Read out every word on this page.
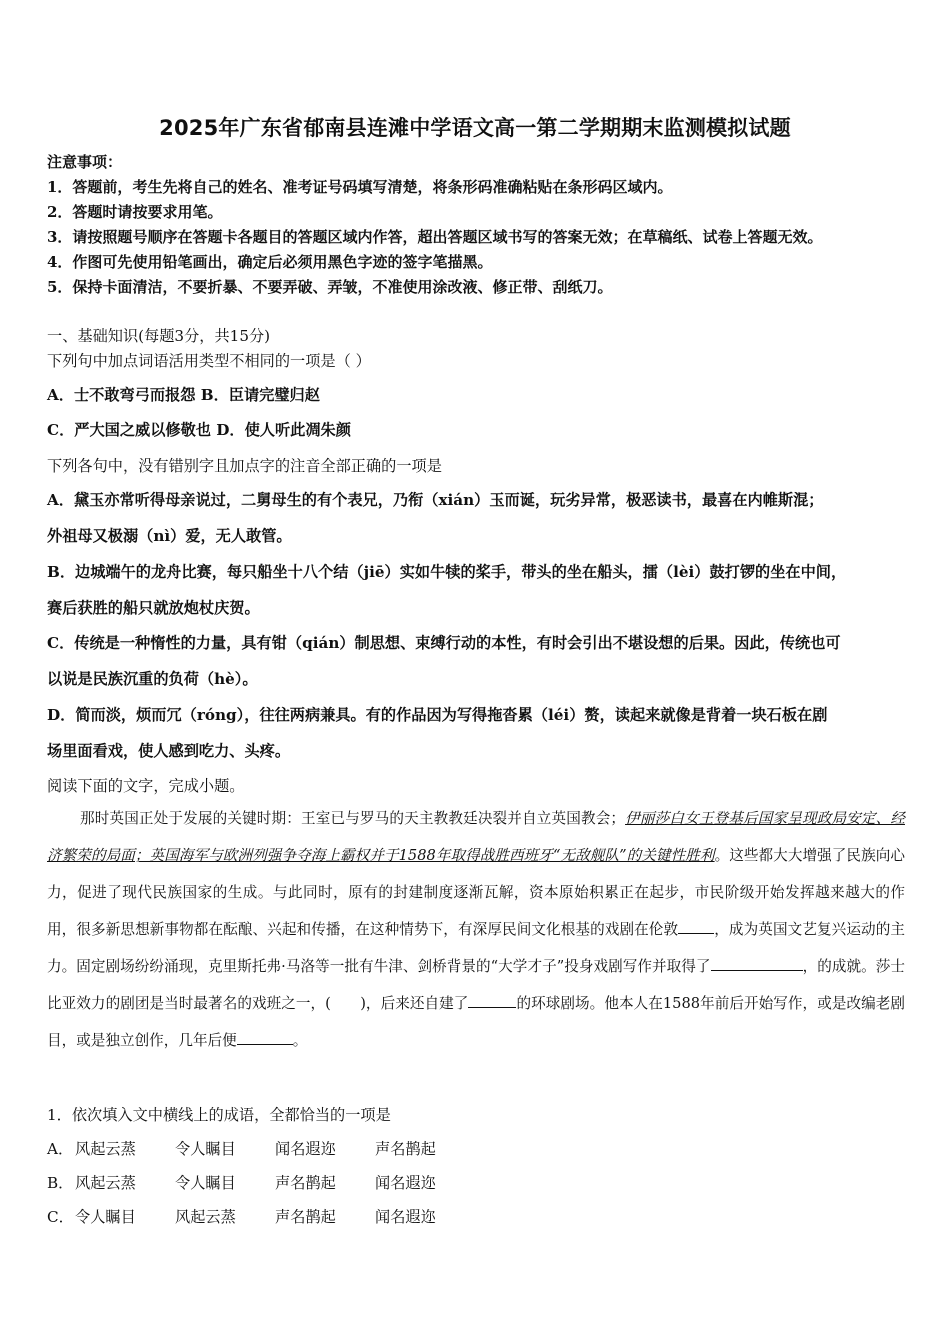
2025年广东省郁南县连滩中学语文高一第二学期期末监测模拟试题
注意事项：
1．答题前，考生先将自己的姓名、准考证号码填写清楚，将条形码准确粘贴在条形码区域内。
2．答题时请按要求用笔。
3．请按照题号顺序在答题卡各题目的答题区域内作答，超出答题区域书写的答案无效；在草稿纸、试卷上答题无效。
4．作图可先使用铅笔画出，确定后必须用黑色字迹的签字笔描黑。
5．保持卡面清洁，不要折暴、不要弄破、弄皱，不准使用涂改液、修正带、刮纸刀。
一、基础知识(每题3分，共15分)
下列句中加点词语活用类型不相同的一项是（ ）
A．士不敢弯弓而报怨 B．臣请完璧归赵
C．严大国之威以修敬也 D．使人听此凋朱颜
下列各句中，没有错别字且加点字的注音全部正确的一项是
A．黛玉亦常听得母亲说过，二舅母生的有个表兄，乃衔（xián）玉而诞，玩劣异常，极恶读书，最喜在内帷斯混；
外祖母又极溺（nì）爱，无人敢管。
B．边城端午的龙舟比赛，每只船坐十八个结（jiē）实如牛犊的桨手，带头的坐在船头，擂（lèi）鼓打锣的坐在中间，
赛后获胜的船只就放炮杖庆贺。
C．传统是一种惰性的力量，具有钳（qián）制思想、束缚行动的本性，有时会引出不堪设想的后果。因此，传统也可
以说是民族沉重的负荷（hè）。
D．简而淡，烦而冗（róng），往往两病兼具。有的作品因为写得拖沓累（léi）赘，读起来就像是背着一块石板在剧
场里面看戏，使人感到吃力、头疼。
阅读下面的文字，完成小题。
那时英国正处于发展的关键时期：王室已与罗马的天主教教廷决裂并自立英国教会；伊丽莎白女王登基后国家呈现政局安定、经济繁荣的局面；英国海军与欧洲列强争夺海上霸权并于1588年取得战胜西班牙“无敌舰队”的关键性胜利。这些都大大增强了民族向心力，促进了现代民族国家的生成。与此同时，原有的封建制度逐渐瓦解，资本原始积累正在起步，市民阶级开始发挥越来越大的作用，很多新思想新事物都在酝酿、兴起和传播，在这种情势下，有深厚民间文化根基的戏剧在伦敦 ，成为英国文艺复兴运动的主力。固定剧场纷纷涌现，克里斯托弗·马洛等一批有牛津、剑桥背景的“大学才子”投身戏剧写作并取得了	，的成就。莎士比亚效力的剧团是当时最著名的戏班之一，(　　)，后来还自建了	的环球剧场。他本人在1588年前后开始写作，或是改编老剧目，或是独立创作，几年后便	。
1．依次填入文中横线上的成语，全都恰当的一项是
A． 风起云蒸	令人瞩目	闻名遐迩	声名鹊起
B． 风起云蒸	令人瞩目	声名鹊起	闻名遐迩
C．令人瞩目	风起云蒸	声名鹊起	闻名遐迩
